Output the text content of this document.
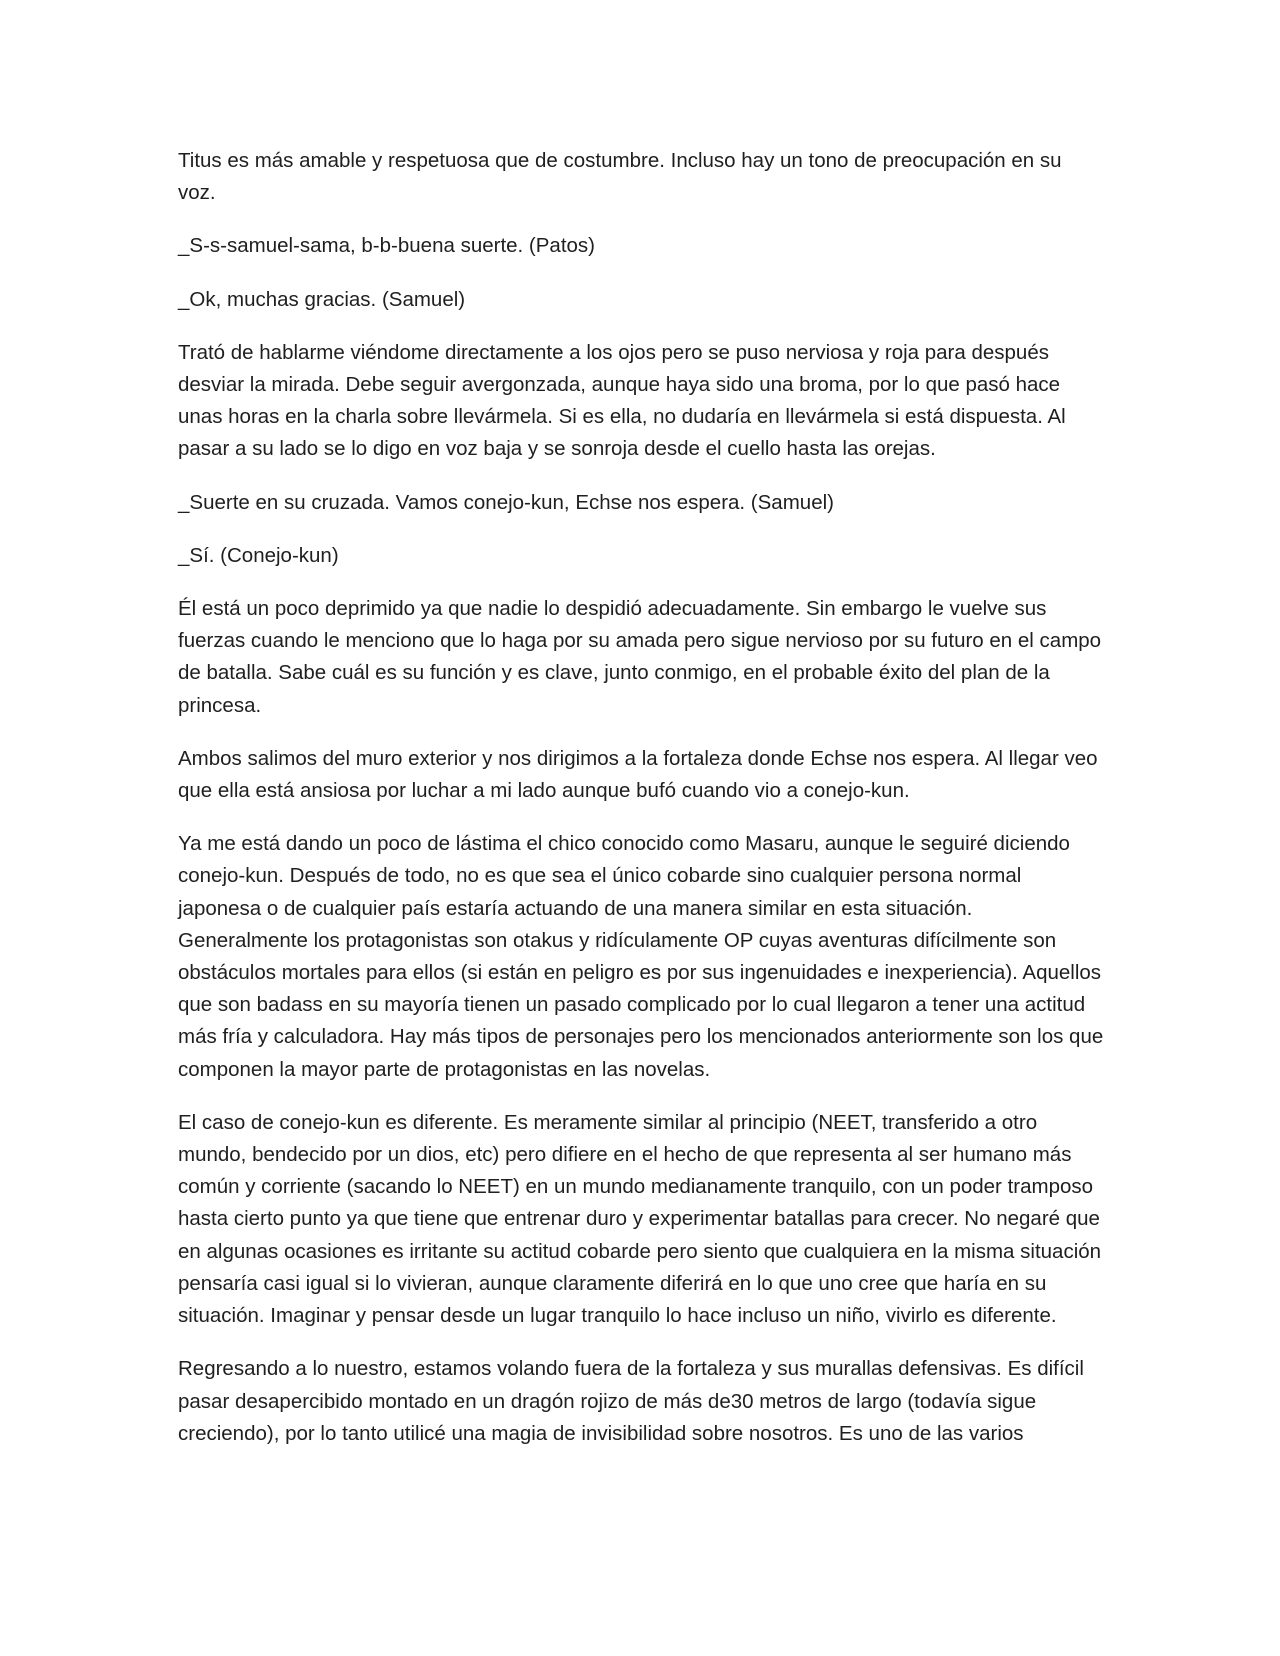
Titus es más amable y respetuosa que de costumbre. Incluso hay un tono de preocupación en su voz.

_S-s-samuel-sama, b-b-buena suerte. (Patos)

_Ok, muchas gracias. (Samuel)

Trató de hablarme viéndome directamente a los ojos pero se puso nerviosa y roja para después desviar la mirada. Debe seguir avergonzada, aunque haya sido una broma, por lo que pasó hace unas horas en la charla sobre llevármela. Si es ella, no dudaría en llevármela si está dispuesta. Al pasar a su lado se lo digo en voz baja y se sonroja desde el cuello hasta las orejas.

_Suerte en su cruzada. Vamos conejo-kun, Echse nos espera. (Samuel)

_Sí. (Conejo-kun)

Él está un poco deprimido ya que nadie lo despidió adecuadamente. Sin embargo le vuelve sus fuerzas cuando le menciono que lo haga por su amada pero sigue nervioso por su futuro en el campo de batalla. Sabe cuál es su función y es clave, junto conmigo, en el probable éxito del plan de la princesa.

Ambos salimos del muro exterior y nos dirigimos a la fortaleza donde Echse nos espera. Al llegar veo que ella está ansiosa por luchar a mi lado aunque bufó cuando vio a conejo-kun.

Ya me está dando un poco de lástima el chico conocido como Masaru, aunque le seguiré diciendo conejo-kun. Después de todo, no es que sea el único cobarde sino cualquier persona normal japonesa o de cualquier país estaría actuando de una manera similar en esta situación. Generalmente los protagonistas son otakus y ridículamente OP cuyas aventuras difícilmente son obstáculos mortales para ellos (si están en peligro es por sus ingenuidades e inexperiencia). Aquellos que son badass en su mayoría tienen un pasado complicado por lo cual llegaron a tener una actitud más fría y calculadora. Hay más tipos de personajes pero los mencionados anteriormente son los que componen la mayor parte de protagonistas en las novelas.

El caso de conejo-kun es diferente. Es meramente similar al principio (NEET, transferido a otro mundo, bendecido por un dios, etc) pero difiere en el hecho de que representa al ser humano más común y corriente (sacando lo NEET) en un mundo medianamente tranquilo, con un poder tramposo hasta cierto punto ya que tiene que entrenar duro y experimentar batallas para crecer. No negaré que en algunas ocasiones es irritante su actitud cobarde pero siento que cualquiera en la misma situación pensaría casi igual si lo vivieran, aunque claramente diferirá en lo que uno cree que haría en su situación. Imaginar y pensar desde un lugar tranquilo lo hace incluso un niño, vivirlo es diferente.

Regresando a lo nuestro, estamos volando fuera de la fortaleza y sus murallas defensivas. Es difícil pasar desapercibido montado en un dragón rojizo de más de30 metros de largo (todavía sigue creciendo), por lo tanto utilicé una magia de invisibilidad sobre nosotros. Es uno de las varios
